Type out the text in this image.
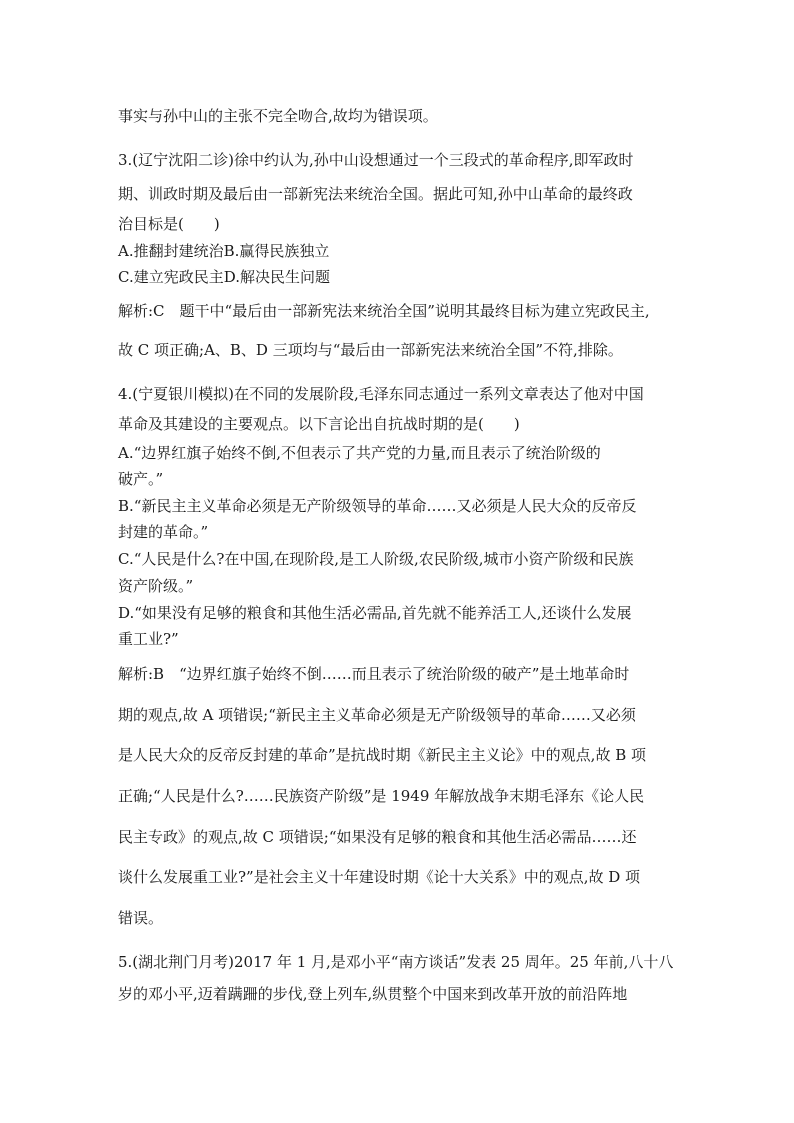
事实与孙中山的主张不完全吻合,故均为错误项。
3.(辽宁沈阳二诊)徐中约认为,孙中山设想通过一个三段式的革命程序,即军政时
期、训政时期及最后由一部新宪法来统治全国。据此可知,孙中山革命的最终政
治目标是(　　)
A.推翻封建统治B.赢得民族独立
C.建立宪政民主D.解决民生问题
解析:C　题干中“最后由一部新宪法来统治全国”说明其最终目标为建立宪政民主,
故 C 项正确;A、B、D 三项均与“最后由一部新宪法来统治全国”不符,排除。
4.(宁夏银川模拟)在不同的发展阶段,毛泽东同志通过一系列文章表达了他对中国
革命及其建设的主要观点。以下言论出自抗战时期的是(　　)
A.“边界红旗子始终不倒,不但表示了共产党的力量,而且表示了统治阶级的
破产。”
B.“新民主主义革命必须是无产阶级领导的革命……又必须是人民大众的反帝反
封建的革命。”
C.“人民是什么?在中国,在现阶段,是工人阶级,农民阶级,城市小资产阶级和民族
资产阶级。”
D.“如果没有足够的粮食和其他生活必需品,首先就不能养活工人,还谈什么发展
重工业?”
解析:B　“边界红旗子始终不倒……而且表示了统治阶级的破产”是土地革命时
期的观点,故 A 项错误;“新民主主义革命必须是无产阶级领导的革命……又必须
是人民大众的反帝反封建的革命”是抗战时期《新民主主义论》中的观点,故 B 项
正确;“人民是什么?……民族资产阶级”是 1949 年解放战争末期毛泽东《论人民
民主专政》的观点,故 C 项错误;“如果没有足够的粮食和其他生活必需品……还
谈什么发展重工业?”是社会主义十年建设时期《论十大关系》中的观点,故 D 项
错误。
5.(湖北荆门月考)2017 年 1 月,是邓小平“南方谈话”发表 25 周年。25 年前,八十八
岁的邓小平,迈着蹒跚的步伐,登上列车,纵贯整个中国来到改革开放的前沿阵地
